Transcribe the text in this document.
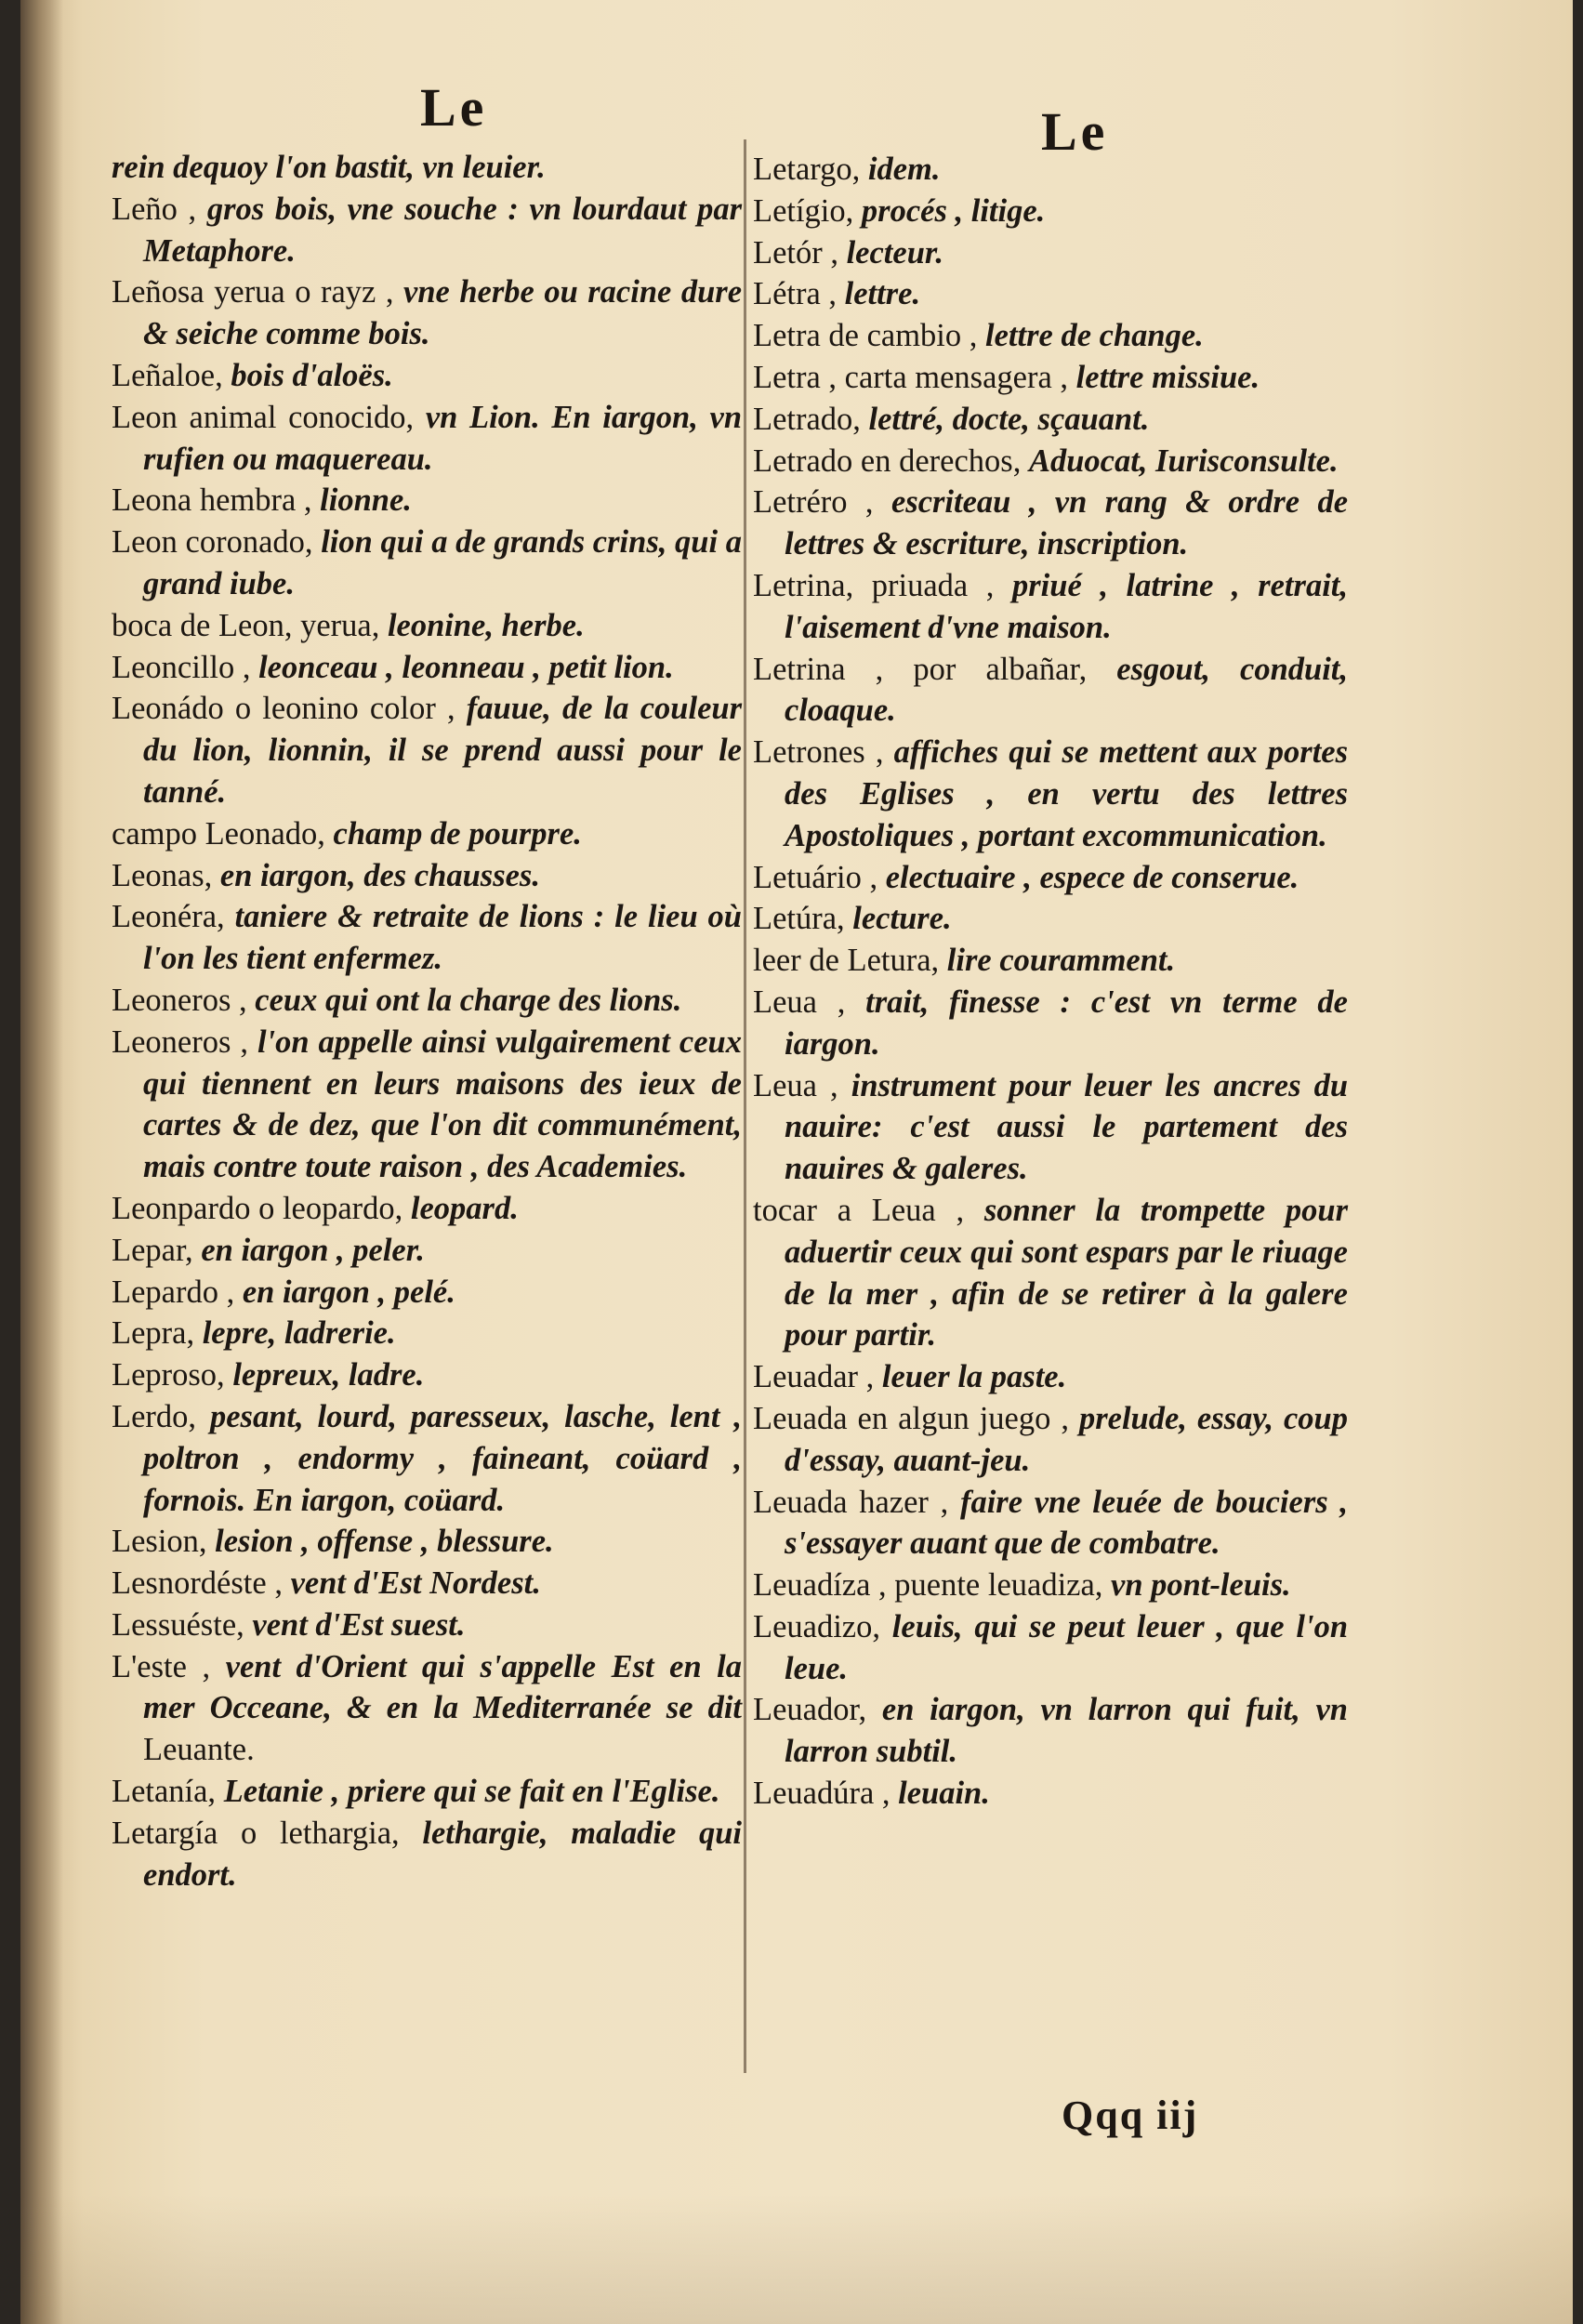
Le	Le
rein dequoy l'on bastit, vn leuier.
Leño , gros bois, vne souche : vn lourdaut par Metaphore.
Leñosa yerua o rayz , vne herbe ou racine dure & seiche comme bois.
Leñaloe, bois d'aloës.
Leon animal conocido, vn Lion. En iargon, vn rufien ou maquereau.
Leona hembra , lionne.
Leon coronado, lion qui a de grands crins, qui a grand iube.
boca de Leon, yerua, leonine, herbe.
Leoncillo , leonceau , leonneau , petit lion.
Leonádo o leonino color , fauue, de la couleur du lion, lionnin, il se prend aussi pour le tanné.
campo Leonado, champ de pourpre.
Leonas, en iargon, des chausses.
Leonéra, taniere & retraite de lions : le lieu où l'on les tient enfermez.
Leoneros , ceux qui ont la charge des lions.
Leoneros , l'on appelle ainsi vulgairement ceux qui tiennent en leurs maisons des ieux de cartes & de dez, que l'on dit communément, mais contre toute raison , des Academies.
Leonpardo o leopardo, leopard.
Lepar, en iargon , peler.
Lepardo , en iargon , pelé.
Lepra, lepre, ladrerie.
Leproso, lepreux, ladre.
Lerdo, pesant, lourd, paresseux, lasche, lent , poltron , endormy , faineant, coüard , fornois. En iargon, coüard.
Lesion, lesion , offense , blessure.
Lesnordéste , vent d'Est Nordest.
Lessuéste, vent d'Est suest.
L'este , vent d'Orient qui s'appelle Est en la mer Occeane, & en la Mediterranée se dit Leuante.
Letanía, Letanie , priere qui se fait en l'Eglise.
Letargía o lethargia, lethargie, maladie qui endort.
Letargo, idem.
Letígio, procés , litige.
Letór , lecteur.
Létra , lettre.
Letra de cambio , lettre de change.
Letra , carta mensagera , lettre missiue.
Letrado, lettré, docte, sçauant.
Letrado en derechos, Aduocat, Iurisconsulte.
Letréro , escriteau , vn rang & ordre de lettres & escriture, inscription.
Letrina, priuada , priué , latrine , retrait, l'aisement d'vne maison.
Letrina , por albañar, esgout, conduit, cloaque.
Letrones , affiches qui se mettent aux portes des Eglises , en vertu des lettres Apostoliques , portant excommunication.
Letuário , electuaire , espece de conserue.
Letúra, lecture.
leer de Letura, lire couramment.
Leua , trait, finesse : c'est vn terme de iargon.
Leua , instrument pour leuer les ancres du nauire: c'est aussi le partement des nauires & galeres.
tocar a Leua , sonner la trompette pour aduertir ceux qui sont espars par le riuage de la mer , afin de se retirer à la galere pour partir.
Leuadar , leuer la paste.
Leuada en algun juego , prelude, essay, coup d'essay, auant-jeu.
Leuada hazer , faire vne leuée de bouciers , s'essayer auant que de combatre.
Leuadíza , puente leuadiza, vn pont-leuis.
Leuadizo, leuis, qui se peut leuer , que l'on leue.
Leuador, en iargon, vn larron qui fuit, vn larron subtil.
Leuadúra , leuain.
Qqq iij
